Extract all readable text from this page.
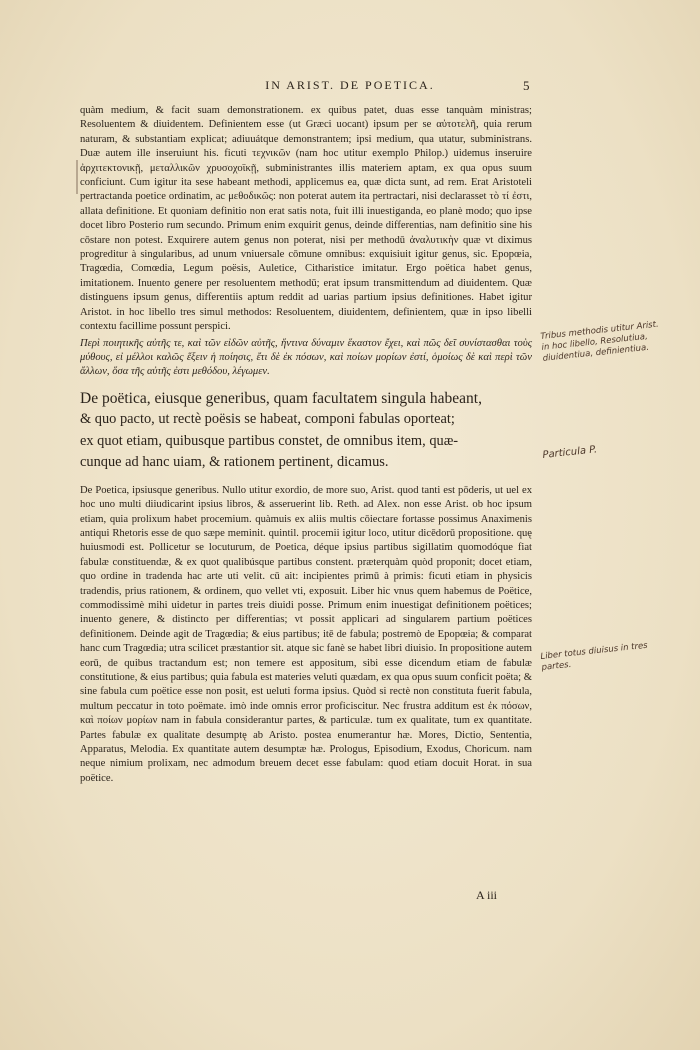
IN ARIST. DE POETICA.	5

quàm medium, & facit suam demonstrationem. ex quibus patet, duas esse tanquàm ministras; Resoluentem & diuidentem. Definientem esse (ut Græci uocant) ipsum per se αὐτοτελῆ, quia rerum naturam, & substantiam explicat; adiuuátque demonstrantem; ipsi medium, qua utatur, subministrans. Duæ autem ille inseruiunt his. ficuti τεχνικῶν (nam hoc utitur exemplo Philop.) uidemus inseruire ἀρχιτεκτονικῇ, μεταλλικῶν χρυσοχοϊκῇ, subministrantes illis materiem aptam, ex qua opus suum conficiunt. Cum igitur ita sese habeant methodi, applicemus ea, quæ dicta sunt, ad rem. Erat Aristoteli pertractanda poetice ordinatim, ac μεθοδικῶς: non poterat autem ita pertractari, nisi declarasset τὸ τί ἐστι, allata definitione. Et quoniam definitio non erat satis nota, fuit illi inuestiganda, eo planè modo; quo ipse docet libro Posterio rum secundo. Primum enim exquirit genus, deinde differentias, nam definitio sine his cōstare non potest. Exquirere autem genus non poterat, nisi per methodū ἀναλυτικὴν quæ vt diximus progreditur à singularibus, ad unum vniuersale cōmune omnibus: exquisiuit igitur genus, sic. Epopœia, Tragœdia, Comœdia, Legum poësis, Auletice, Citharistice imitatur. Ergo poëtica habet genus, imitationem. Inuento genere per resoluentem methodū; erat ipsum transmittendum ad diuidentem. Quæ distinguens ipsum genus, differentiis aptum reddit ad uarias partium ipsius definitiones. Habet igitur Aristot. in hoc libello tres simul methodos: Resoluentem, diuidentem, definientem, quæ in ipso libelli contextu facillime possunt perspici.

Περὶ ποιητικῆς αὐτῆς τε, καὶ τῶν εἰδῶν αὐτῆς, ἥντινα δύναμιν ἕκαστον ἔχει, καὶ πῶς δεῖ συνίστασθαι τοὺς μύθους, εἰ μέλλοι καλῶς ἕξειν ἡ ποίησις, ἔτι δὲ ἐκ πόσων, καὶ ποίων μορίων ἐστί, ὁμοίως δὲ καὶ περὶ τῶν ἄλλων, ὅσα τῆς αὐτῆς ἐστι μεθόδου, λέγωμεν.

De poëtica, eiusque generibus, quam facultatem singula habeant,
& quo pacto, ut rectè poësis se habeat, componi fabulas oporteat;
ex quot etiam, quibusque partibus constet, de omnibus item, quæ-
cunque ad hanc uiam, & rationem pertinent, dicamus.

De Poetica, ipsiusque generibus. Nullo utitur exordio, de more suo, Arist. quod tanti est pōderis, ut uel ex hoc uno multi diiudicarint ipsius libros, & asseruerint lib. Reth. ad Alex. non esse Arist. ob hoc ipsum etiam, quia prolixum habet procemium. quàmuis ex aliis multis cōiectare fortasse possimus Anaximenis antiqui Rhetoris esse de quo sæpe meminit. quintil. procemii igitur loco, utitur dicēdorū propositione. quę huiusmodi est. Pollicetur se locuturum, de Poetica, déque ipsius partibus sigillatim quomodóque fiat fabulæ constituendæ, & ex quot qualibúsque partibus constent. præterquàm quòd proponit; docet etiam, quo ordine in tradenda hac arte uti velit. cū ait: incipientes primū à primis: ficuti etiam in physicis tradendis, prius rationem, & ordinem, quo vellet vti, exposuit. Liber hic vnus quem habemus de Poëtice, commodissimè mihi uidetur in partes treis diuidi posse. Primum enim inuestigat definitionem poëtices; inuento genere, & distincto per differentias; vt possit applicari ad singularem partium poëtices definitionem. Deinde agit de Tragœdia; & eius partibus; itē de fabula; postremò de Epopœia; & comparat hanc cum Tragœdia; utra scilicet præstantior sit. atque sic fanè se habet libri diuisio. In propositione autem eorū, de quibus tractandum est; non temere est appositum, sibi esse dicendum etiam de fabulæ constitutione, & eius partibus; quia fabula est materies veluti quædam, ex qua opus suum conficit poëta; & sine fabula cum poëtice esse non posit, est ueluti forma ipsius. Quòd si rectè non constituta fuerit fabula, multum peccatur in toto poëmate. imò inde omnis error proficiscitur. Nec frustra additum est ἐκ πόσων, καὶ ποίων μορίων nam in fabula considerantur partes, & particulæ. tum ex qualitate, tum ex quantitate. Partes fabulæ ex qualitate desumptę ab Aristo. postea enumerantur hæ. Mores, Dictio, Sententia, Apparatus, Melodia. Ex quantitate autem desumptæ hæ. Prologus, Episodium, Exodus, Choricum. nam neque nimium prolixam, nec admodum breuem decet esse fabulam: quod etiam docuit Horat. in sua poëtice.

A iii
Tribus methodis utitur Arist. in hoc libello, Resolutiua, diuidentiua, definientiua.
Particula P.
Liber totus diuisus in tres partes.
